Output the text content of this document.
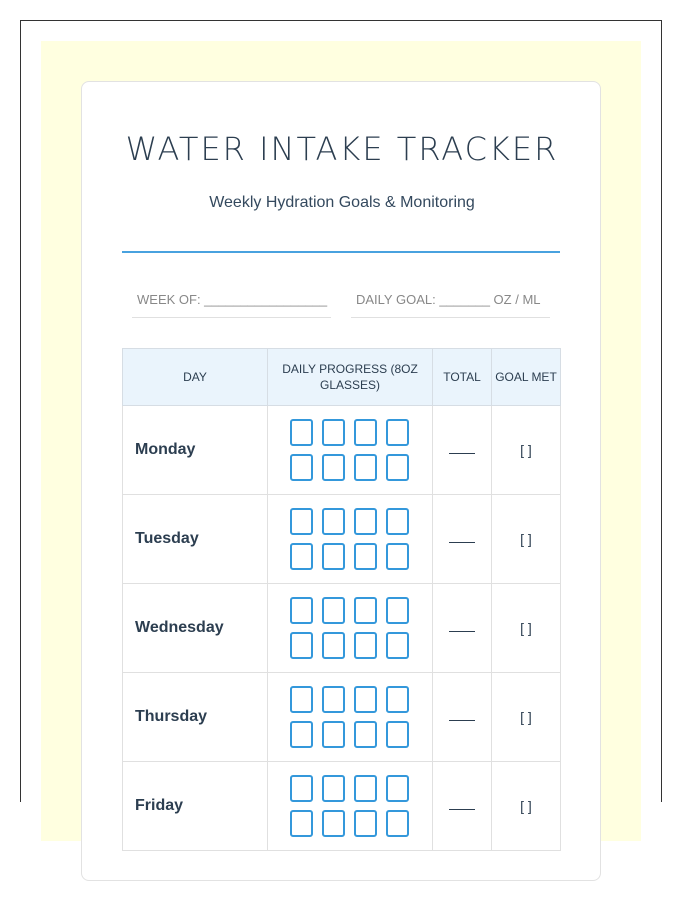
WATER INTAKE TRACKER
Weekly Hydration Goals & Monitoring
WEEK OF: _________________	DAILY GOAL: _______ OZ / ML
DAY	DAILY PROGRESS (8OZ GLASSES)	TOTAL	GOAL MET
Monday			[ ]
Tuesday			[ ]
Wednesday			[ ]
Thursday			[ ]
Friday			[ ]
